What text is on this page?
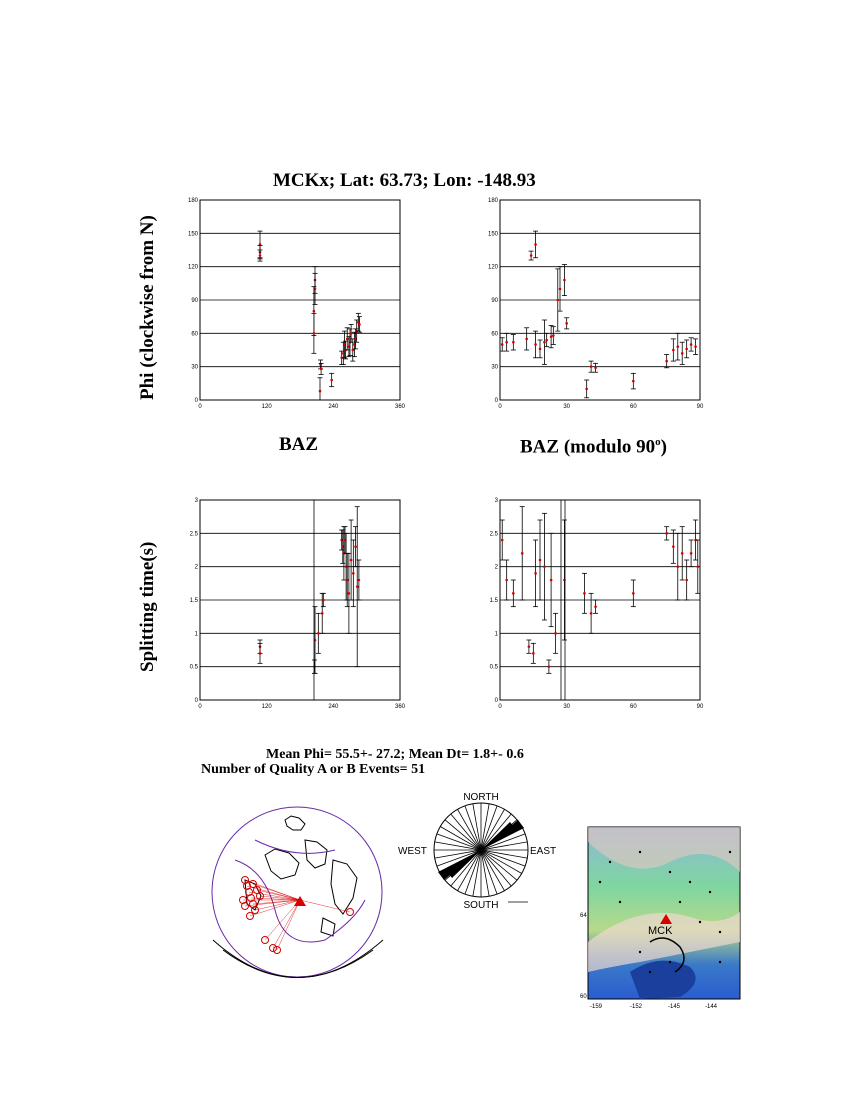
MCKx; Lat: 63.73; Lon: -148.93
Phi (clockwise from N)
Splitting time(s)
0
30
60
90
120
150
180
0	120	240	360
0
30
60
90
120
150
180
0	30	60	90
0
0.5
1
1.5
2
2.5
3
0	120	240	360
0
0.5
1
1.5
2
2.5
3
0	30	60	90
BAZ	BAZ (modulo 90$^o$)
Mean Phi= 55.5+- 27.2; Mean Dt= 1.8+- 0.6
Number of Quality A or B Events= 51
NORTH
SOUTH
EAST
WEST
MCK
64
60
-159	-152	-145	-144
